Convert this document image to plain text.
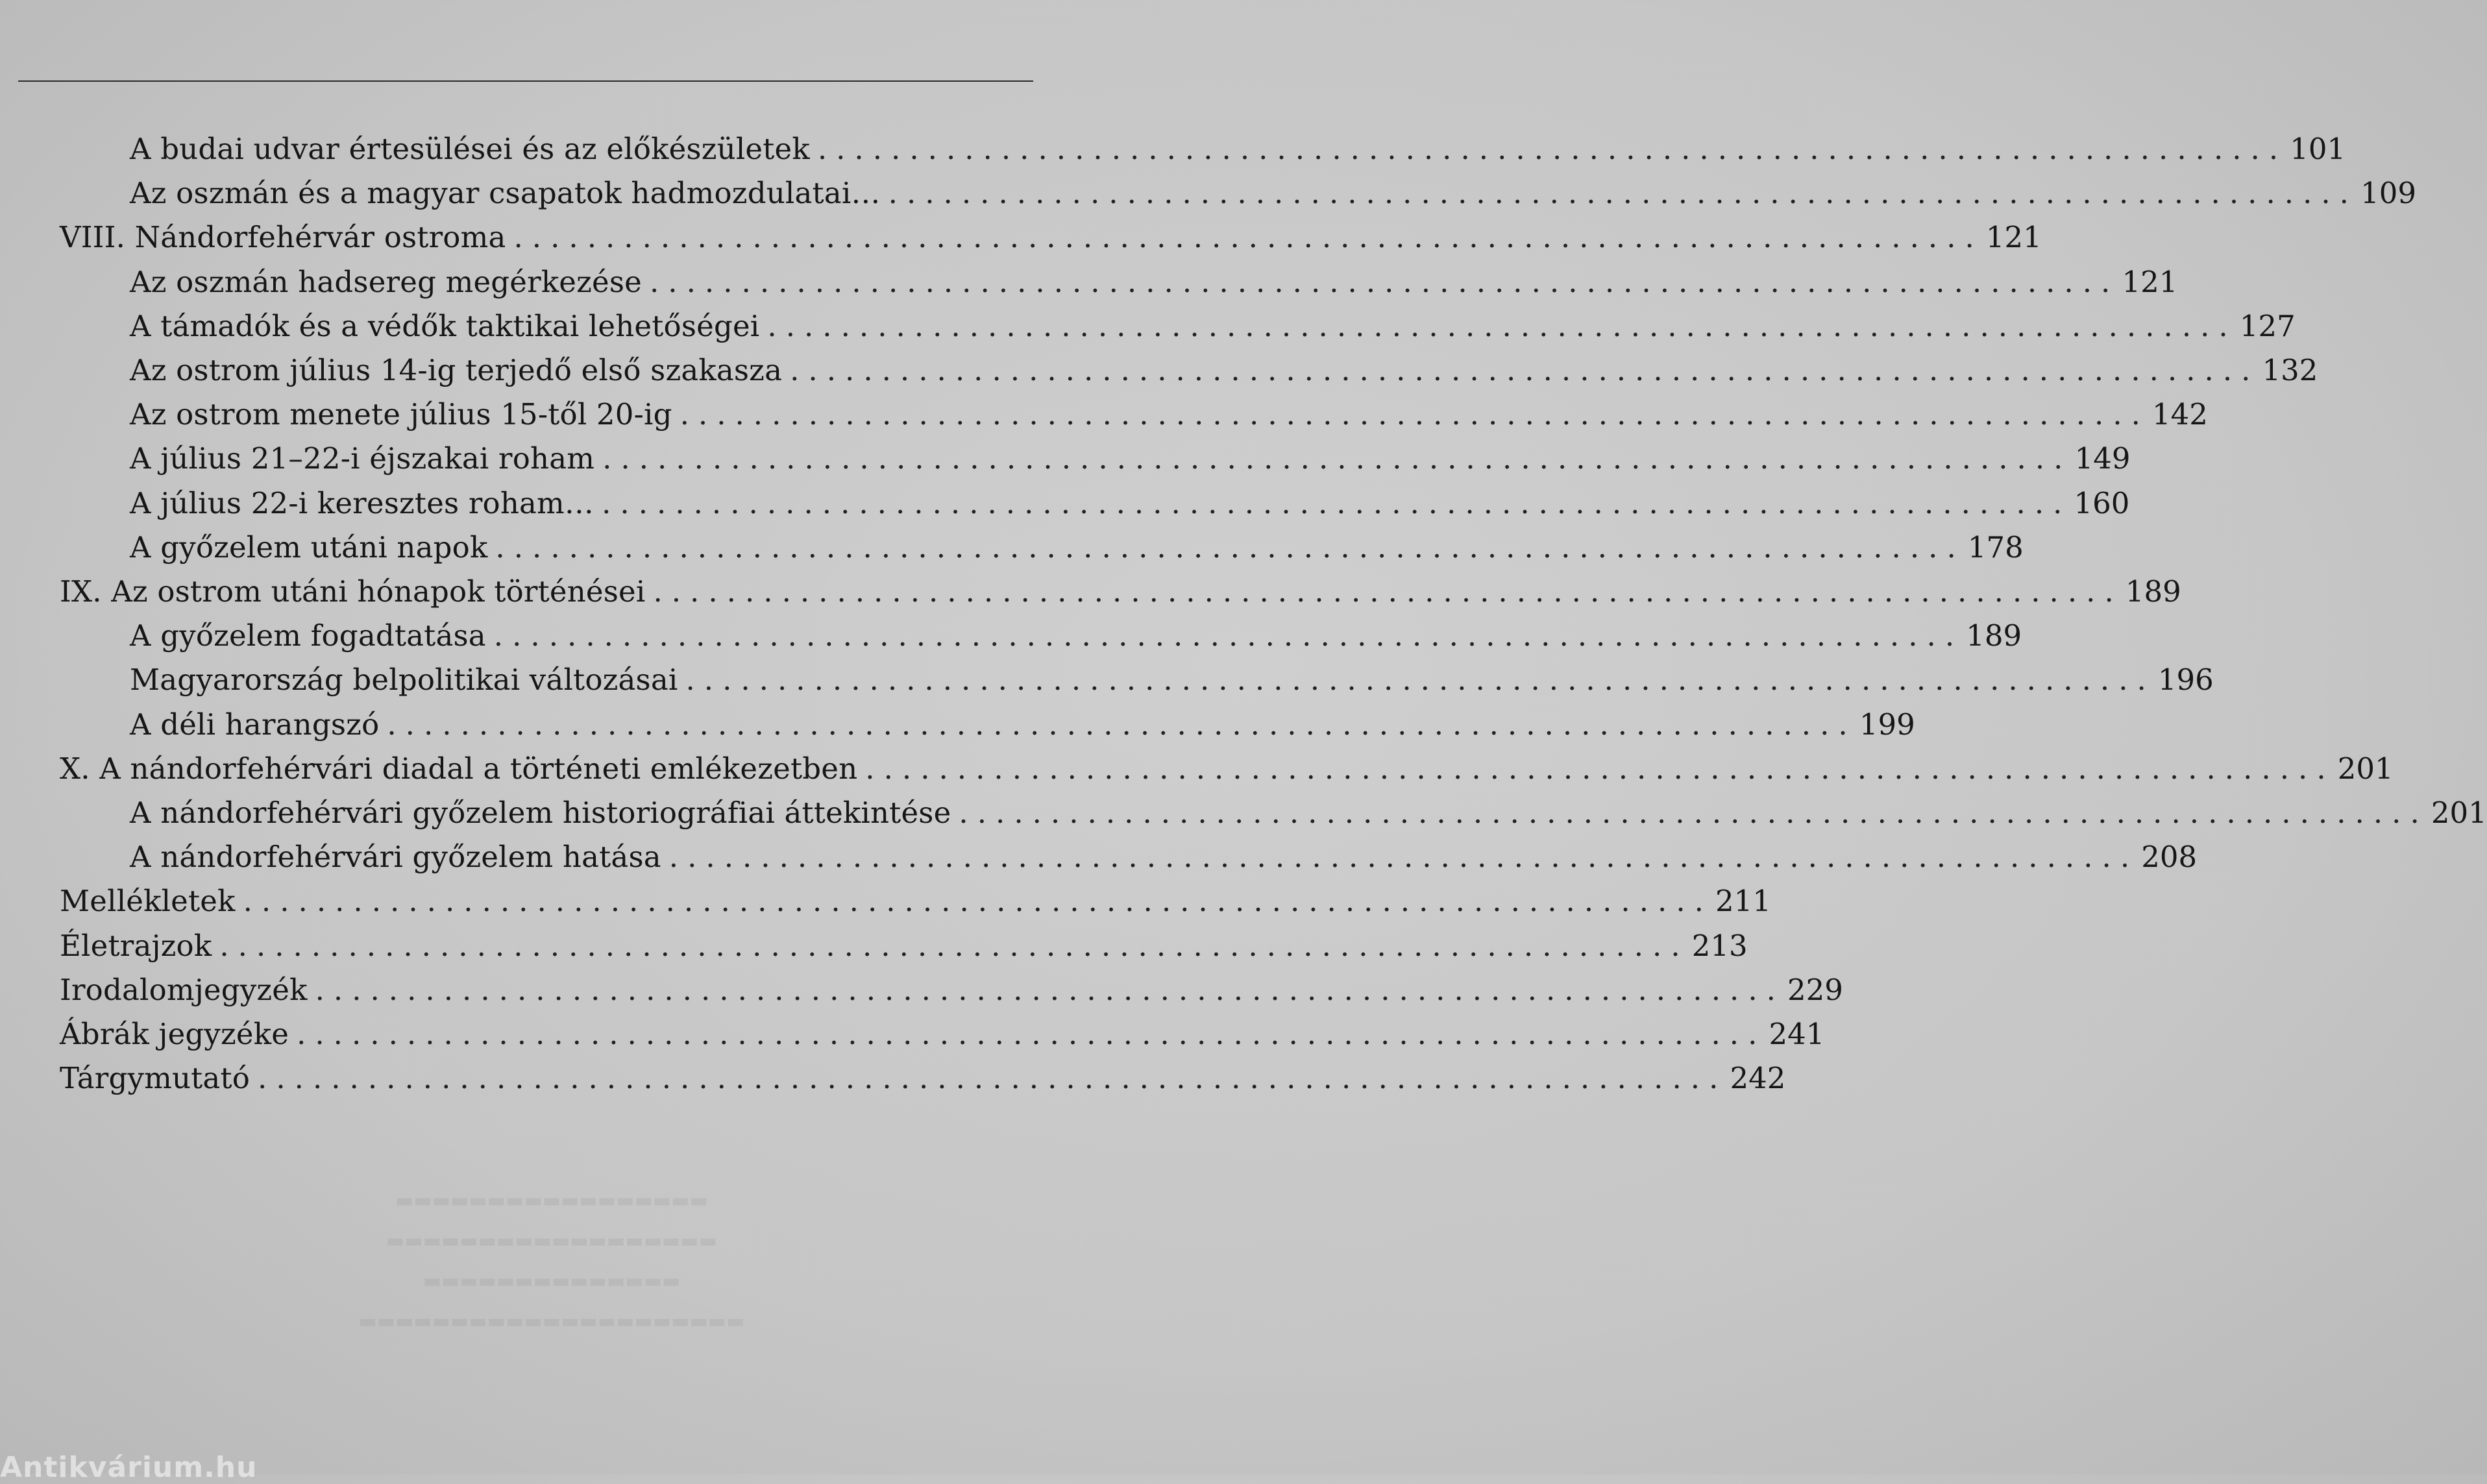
A budai udvar értesülései és az előkészületek ................................................................................ 101
Az oszmán és a magyar csapatok hadmozdulatai… ................................................................................ 109
VIII. Nándorfehérvár ostroma ................................................................................ 121
Az oszmán hadsereg megérkezése ................................................................................ 121
A támadók és a védők taktikai lehetőségei ................................................................................ 127
Az ostrom július 14-ig terjedő első szakasza ................................................................................ 132
Az ostrom menete július 15-től 20-ig ................................................................................ 142
A július 21–22-i éjszakai roham ................................................................................ 149
A július 22-i keresztes roham… ................................................................................ 160
A győzelem utáni napok ................................................................................ 178
IX. Az ostrom utáni hónapok történései ................................................................................ 189
A győzelem fogadtatása ................................................................................ 189
Magyarország belpolitikai változásai ................................................................................ 196
A déli harangszó ................................................................................ 199
X. A nándorfehérvári diadal a történeti emlékezetben ................................................................................ 201
A nándorfehérvári győzelem historiográfiai áttekintése ................................................................................ 201
A nándorfehérvári győzelem hatása ................................................................................ 208
Mellékletek ................................................................................ 211
Életrajzok ................................................................................ 213
Irodalomjegyzék ................................................................................ 229
Ábrák jegyzéke ................................................................................ 241
Tárgymutató ................................................................................ 242
▬▬▬▬▬▬▬▬▬▬▬▬▬▬▬▬▬
▬▬▬▬▬▬▬▬▬▬▬▬▬▬▬▬▬▬
▬▬▬▬▬▬▬▬▬▬▬▬▬▬
▬▬▬▬▬▬▬▬▬▬▬▬▬▬▬▬▬▬▬▬▬
Antikvárium.hu
